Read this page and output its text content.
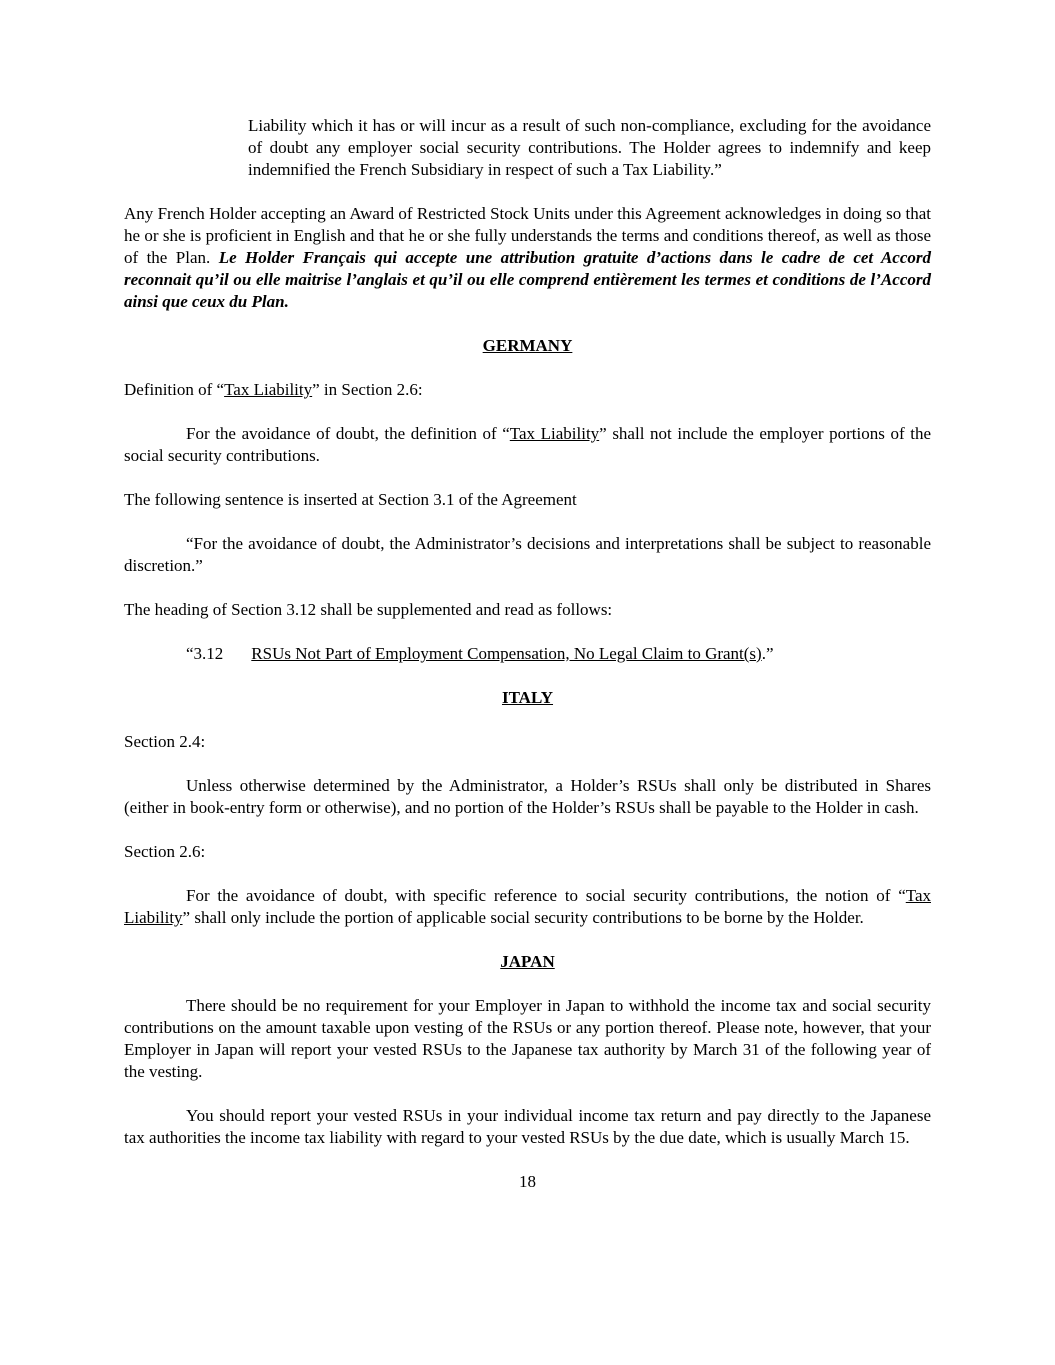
Liability which it has or will incur as a result of such non-compliance, excluding for the avoidance of doubt any employer social security contributions. The Holder agrees to indemnify and keep indemnified the French Subsidiary in respect of such a Tax Liability.”

Any French Holder accepting an Award of Restricted Stock Units under this Agreement acknowledges in doing so that he or she is proficient in English and that he or she fully understands the terms and conditions thereof, as well as those of the Plan. Le Holder Français qui accepte une attribution gratuite d’actions dans le cadre de cet Accord reconnait qu’il ou elle maitrise l’anglais et qu’il ou elle comprend entièrement les termes et conditions de l’Accord ainsi que ceux du Plan.

GERMANY

Definition of “Tax Liability” in Section 2.6:

For the avoidance of doubt, the definition of “Tax Liability” shall not include the employer portions of the social security contributions.

The following sentence is inserted at Section 3.1 of the Agreement

“For the avoidance of doubt, the Administrator’s decisions and interpretations shall be subject to reasonable discretion.”

The heading of Section 3.12 shall be supplemented and read as follows:

“3.12 RSUs Not Part of Employment Compensation, No Legal Claim to Grant(s).”

ITALY

Section 2.4:

Unless otherwise determined by the Administrator, a Holder’s RSUs shall only be distributed in Shares (either in book-entry form or otherwise), and no portion of the Holder’s RSUs shall be payable to the Holder in cash.

Section 2.6:

For the avoidance of doubt, with specific reference to social security contributions, the notion of “Tax Liability” shall only include the portion of applicable social security contributions to be borne by the Holder.

JAPAN

There should be no requirement for your Employer in Japan to withhold the income tax and social security contributions on the amount taxable upon vesting of the RSUs or any portion thereof. Please note, however, that your Employer in Japan will report your vested RSUs to the Japanese tax authority by March 31 of the following year of the vesting.

You should report your vested RSUs in your individual income tax return and pay directly to the Japanese tax authorities the income tax liability with regard to your vested RSUs by the due date, which is usually March 15.

18
